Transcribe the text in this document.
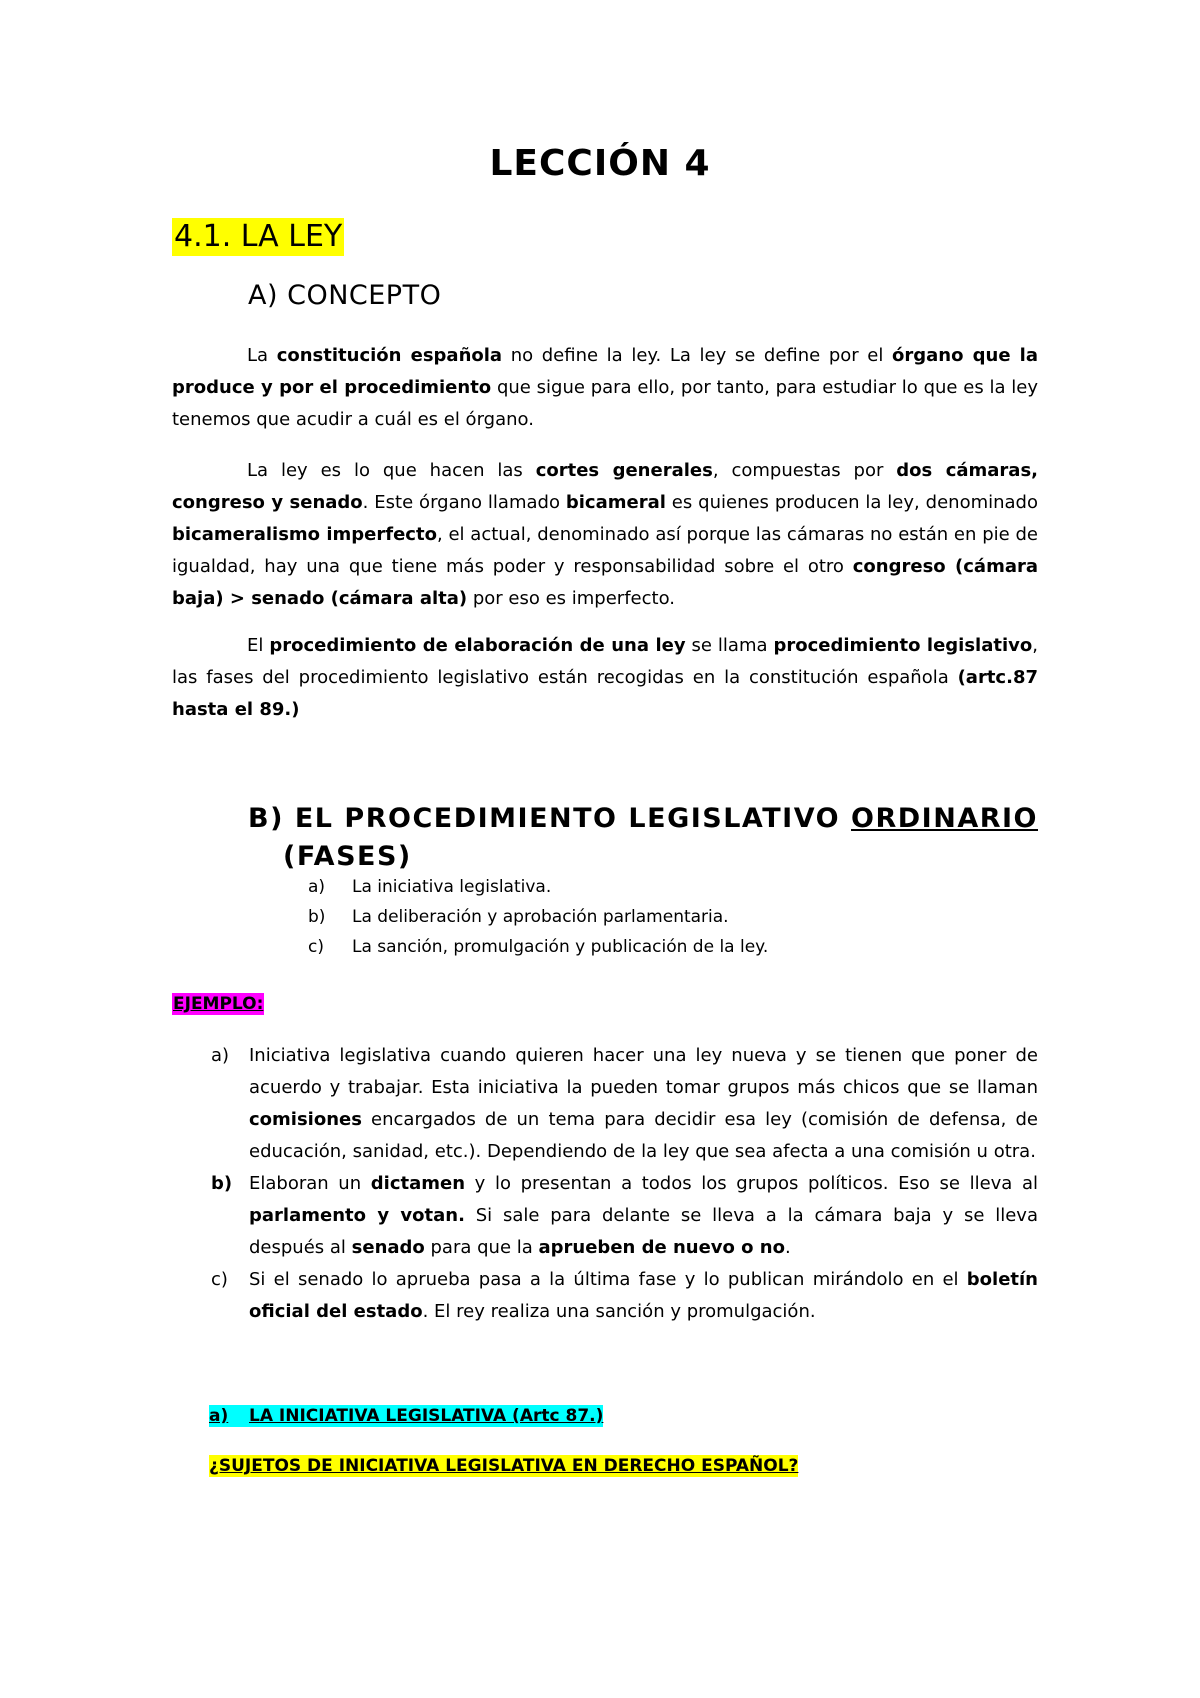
LECCIÓN 4
4.1. LA LEY
A) CONCEPTO
La constitución española no define la ley. La ley se define por el órgano que la produce y por el procedimiento que sigue para ello, por tanto, para estudiar lo que es la ley tenemos que acudir a cuál es el órgano.
La ley es lo que hacen las cortes generales, compuestas por dos cámaras, congreso y senado. Este órgano llamado bicameral es quienes producen la ley, denominado bicameralismo imperfecto, el actual, denominado así porque las cámaras no están en pie de igualdad, hay una que tiene más poder y responsabilidad sobre el otro congreso (cámara baja) > senado (cámara alta) por eso es imperfecto.
El procedimiento de elaboración de una ley se llama procedimiento legislativo, las fases del procedimiento legislativo están recogidas en la constitución española (artc.87 hasta el 89.)
B) EL PROCEDIMIENTO LEGISLATIVO ORDINARIO
(FASES)
a)	La iniciativa legislativa.
b)	La deliberación y aprobación parlamentaria.
c)	La sanción, promulgación y publicación de la ley.
EJEMPLO:
a)	Iniciativa legislativa cuando quieren hacer una ley nueva y se tienen que poner de acuerdo y trabajar. Esta iniciativa la pueden tomar grupos más chicos que se llaman comisiones encargados de un tema para decidir esa ley (comisión de defensa, de educación, sanidad, etc.). Dependiendo de la ley que sea afecta a una comisión u otra.
b) Elaboran un dictamen y lo presentan a todos los grupos políticos. Eso se lleva al parlamento y votan. Si sale para delante se lleva a la cámara baja y se lleva después al senado para que la aprueben de nuevo o no.
c)	Si el senado lo aprueba pasa a la última fase y lo publican mirándolo en el boletín oficial del estado. El rey realiza una sanción y promulgación.
a)	LA INICIATIVA LEGISLATIVA (Artc 87.)
¿SUJETOS DE INICIATIVA LEGISLATIVA EN DERECHO ESPAÑOL?
